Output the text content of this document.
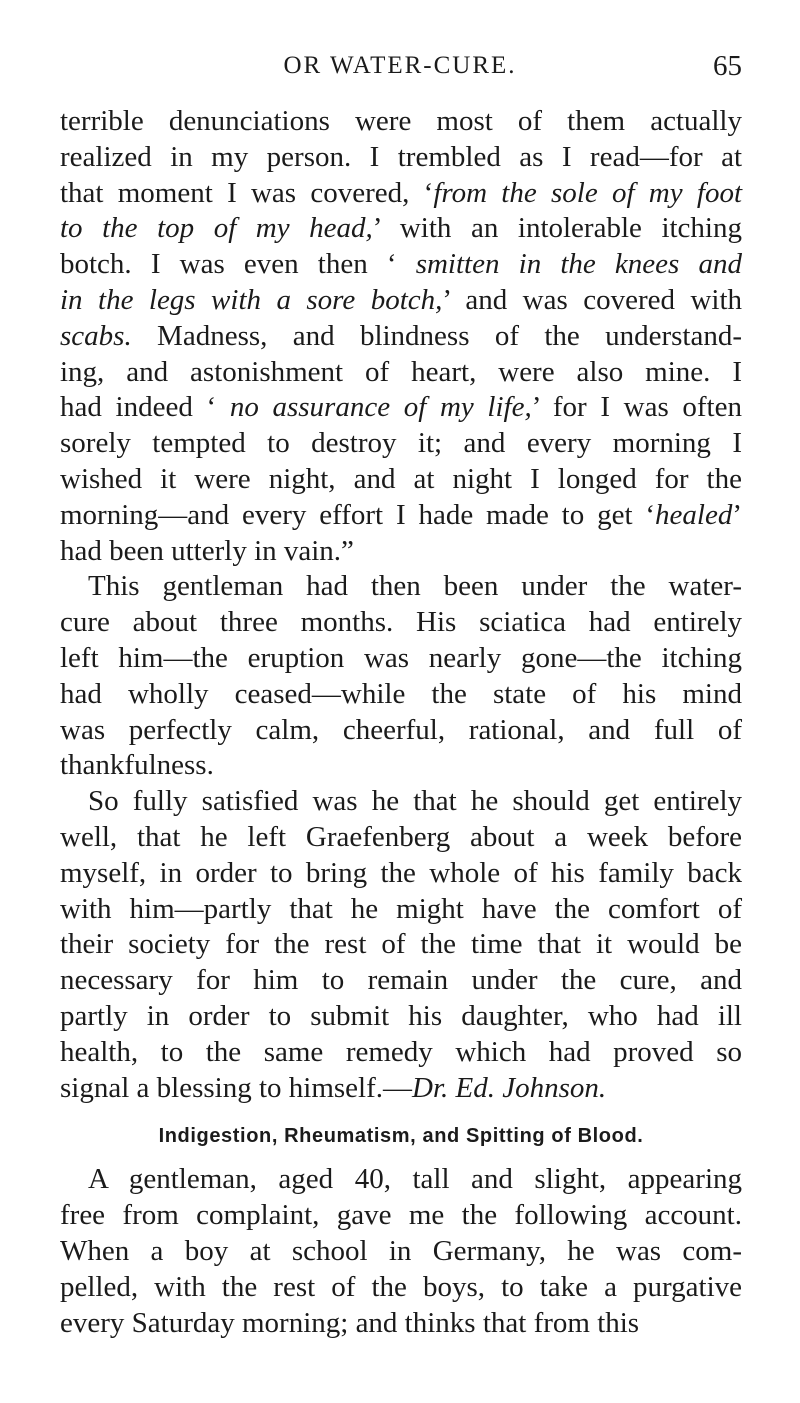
OR WATER-CURE.	65
terrible denunciations were most of them actually
realized in my person. I trembled as I read—for at
that moment I was covered, ‘from the sole of my foot
to the top of my head,’ with an intolerable itching
botch. I was even then ‘ smitten in the knees and
in the legs with a sore botch,’ and was covered with
scabs. Madness, and blindness of the understand-
ing, and astonishment of heart, were also mine. I
had indeed ‘ no assurance of my life,’ for I was often
sorely tempted to destroy it; and every morning I
wished it were night, and at night I longed for the
morning—and every effort I hade made to get ‘healed’
had been utterly in vain.”
This gentleman had then been under the water-
cure about three months. His sciatica had entirely
left him—the eruption was nearly gone—the itching
had wholly ceased—while the state of his mind
was perfectly calm, cheerful, rational, and full of
thankfulness.
So fully satisfied was he that he should get entirely
well, that he left Graefenberg about a week before
myself, in order to bring the whole of his family back
with him—partly that he might have the comfort of
their society for the rest of the time that it would be
necessary for him to remain under the cure, and
partly in order to submit his daughter, who had ill
health, to the same remedy which had proved so
signal a blessing to himself.—Dr. Ed. Johnson.
Indigestion, Rheumatism, and Spitting of Blood.
A gentleman, aged 40, tall and slight, appearing
free from complaint, gave me the following account.
When a boy at school in Germany, he was com-
pelled, with the rest of the boys, to take a purgative
every Saturday morning; and thinks that from this
